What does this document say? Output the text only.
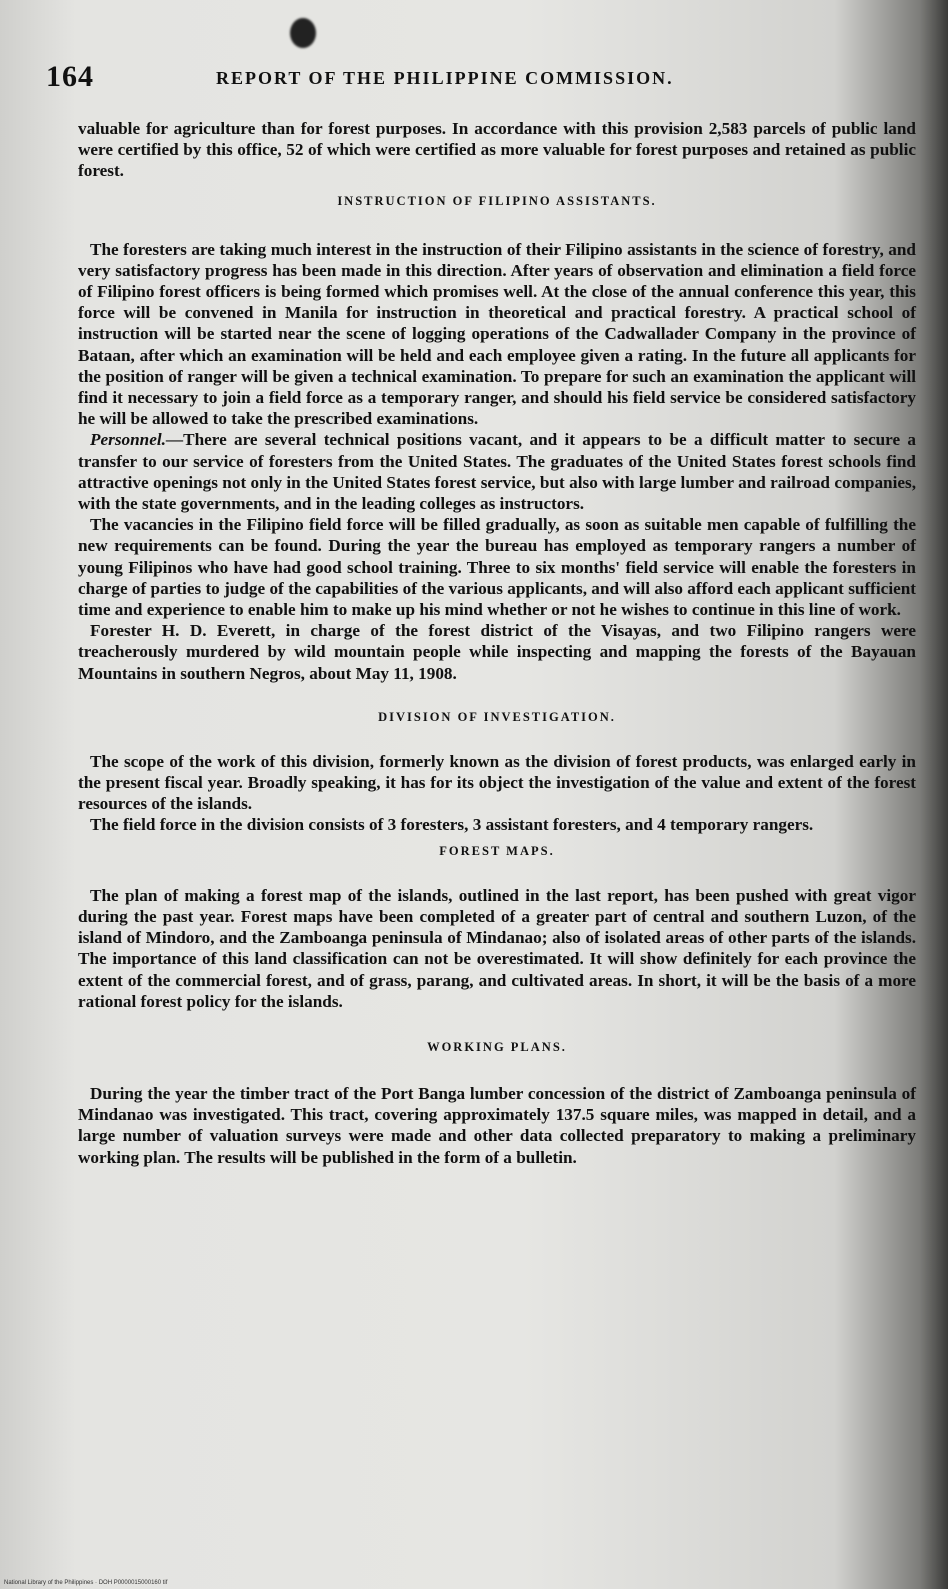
164	REPORT OF THE PHILIPPINE COMMISSION.

valuable for agriculture than for forest purposes. In accordance with this provision 2,583 parcels of public land were certified by this office, 52 of which were certified as more valuable for forest purposes and retained as public forest.

INSTRUCTION OF FILIPINO ASSISTANTS.

The foresters are taking much interest in the instruction of their Filipino assistants in the science of forestry, and very satisfactory progress has been made in this direction. After years of observation and elimination a field force of Filipino forest officers is being formed which promises well. At the close of the annual conference this year, this force will be convened in Manila for instruction in theoretical and practical forestry. A practical school of instruction will be started near the scene of logging operations of the Cadwallader Company in the province of Bataan, after which an examination will be held and each employee given a rating. In the future all applicants for the position of ranger will be given a technical examination. To prepare for such an examination the applicant will find it necessary to join a field force as a temporary ranger, and should his field service be considered satisfactory he will be allowed to take the prescribed examinations.

Personnel.—There are several technical positions vacant, and it appears to be a difficult matter to secure a transfer to our service of foresters from the United States. The graduates of the United States forest schools find attractive openings not only in the United States forest service, but also with large lumber and railroad companies, with the state governments, and in the leading colleges as instructors.

The vacancies in the Filipino field force will be filled gradually, as soon as suitable men capable of fulfilling the new requirements can be found. During the year the bureau has employed as temporary rangers a number of young Filipinos who have had good school training. Three to six months' field service will enable the foresters in charge of parties to judge of the capabilities of the various applicants, and will also afford each applicant sufficient time and experience to enable him to make up his mind whether or not he wishes to continue in this line of work.

Forester H. D. Everett, in charge of the forest district of the Visayas, and two Filipino rangers were treacherously murdered by wild mountain people while inspecting and mapping the forests of the Bayauan Mountains in southern Negros, about May 11, 1908.

DIVISION OF INVESTIGATION.

The scope of the work of this division, formerly known as the division of forest products, was enlarged early in the present fiscal year. Broadly speaking, it has for its object the investigation of the value and extent of the forest resources of the islands.

The field force in the division consists of 3 foresters, 3 assistant foresters, and 4 temporary rangers.

FOREST MAPS.

The plan of making a forest map of the islands, outlined in the last report, has been pushed with great vigor during the past year. Forest maps have been completed of a greater part of central and southern Luzon, of the island of Mindoro, and the Zamboanga peninsula of Mindanao; also of isolated areas of other parts of the islands. The importance of this land classification can not be overestimated. It will show definitely for each province the extent of the commercial forest, and of grass, parang, and cultivated areas. In short, it will be the basis of a more rational forest policy for the islands.

WORKING PLANS.

During the year the timber tract of the Port Banga lumber concession of the district of Zamboanga peninsula of Mindanao was investigated. This tract, covering approximately 137.5 square miles, was mapped in detail, and a large number of valuation surveys were made and other data collected preparatory to making a preliminary working plan. The results will be published in the form of a bulletin.

National Library of the Philippines · DOH P0000015000160 tif
